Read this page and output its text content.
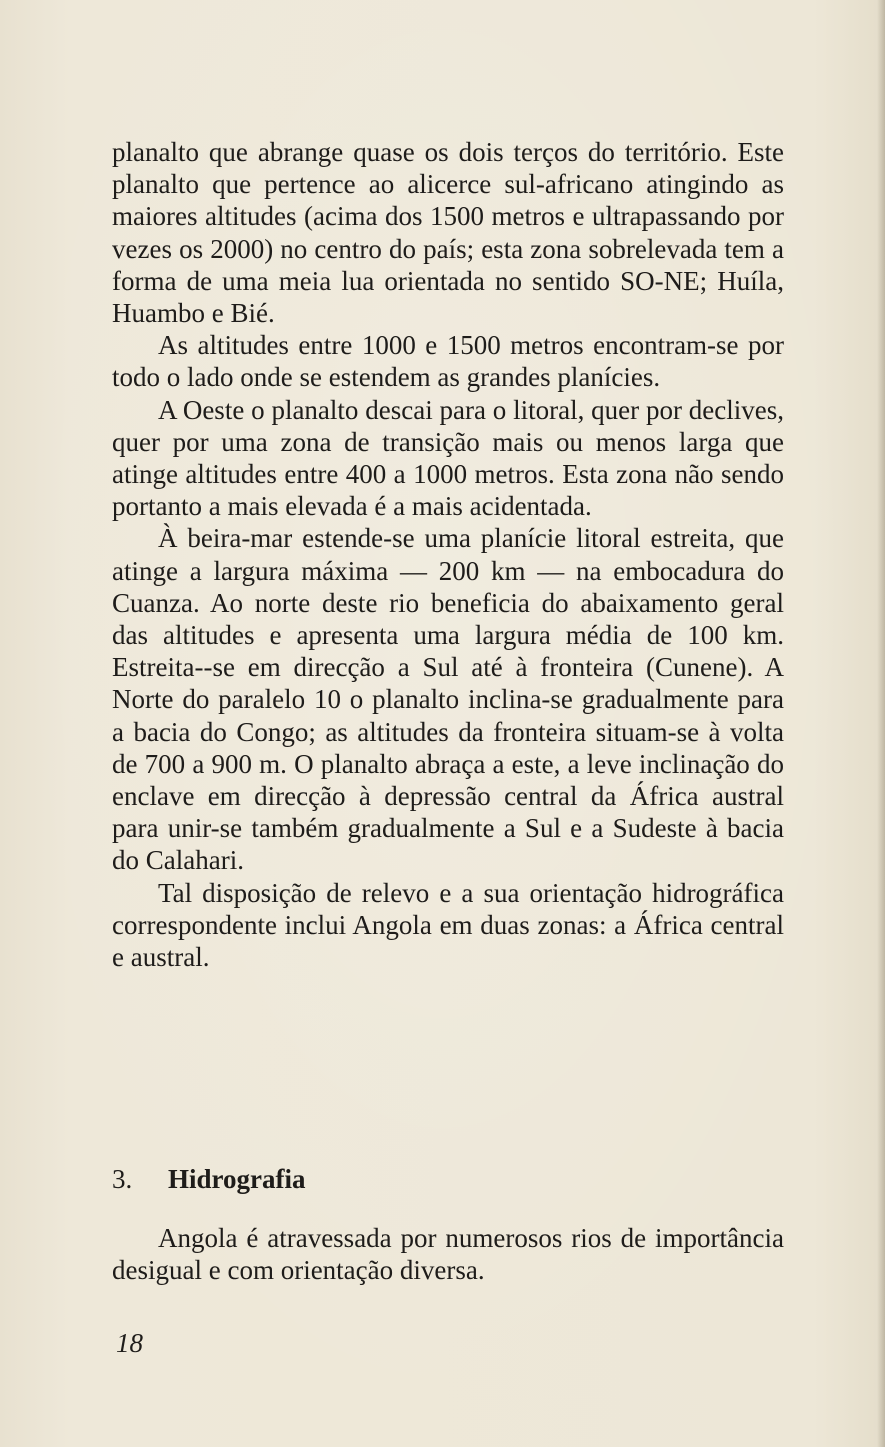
planalto que abrange quase os dois terços do território. Este planalto que pertence ao alicerce sul-africano atingindo as maiores altitudes (acima dos 1500 metros e ultrapassando por vezes os 2000) no centro do país; esta zona sobrelevada tem a forma de uma meia lua orientada no sentido SO-NE; Huíla, Huambo e Bié.

As altitudes entre 1000 e 1500 metros encontram-se por todo o lado onde se estendem as grandes planícies.

A Oeste o planalto descai para o litoral, quer por declives, quer por uma zona de transição mais ou menos larga que atinge altitudes entre 400 a 1000 metros. Esta zona não sendo portanto a mais elevada é a mais acidentada.

À beira-mar estende-se uma planície litoral estreita, que atinge a largura máxima — 200 km — na embocadura do Cuanza. Ao norte deste rio beneficia do abaixamento geral das altitudes e apresenta uma largura média de 100 km. Estreita--se em direcção a Sul até à fronteira (Cunene). A Norte do paralelo 10 o planalto inclina-se gradualmente para a bacia do Congo; as altitudes da fronteira situam-se à volta de 700 a 900 m. O planalto abraça a este, a leve inclinação do enclave em direcção à depressão central da África austral para unir-se também gradualmente a Sul e a Sudeste à bacia do Calahari.

Tal disposição de relevo e a sua orientação hidrográfica correspondente inclui Angola em duas zonas: a África central e austral.

3. Hidrografia

Angola é atravessada por numerosos rios de importância desigual e com orientação diversa.

18
